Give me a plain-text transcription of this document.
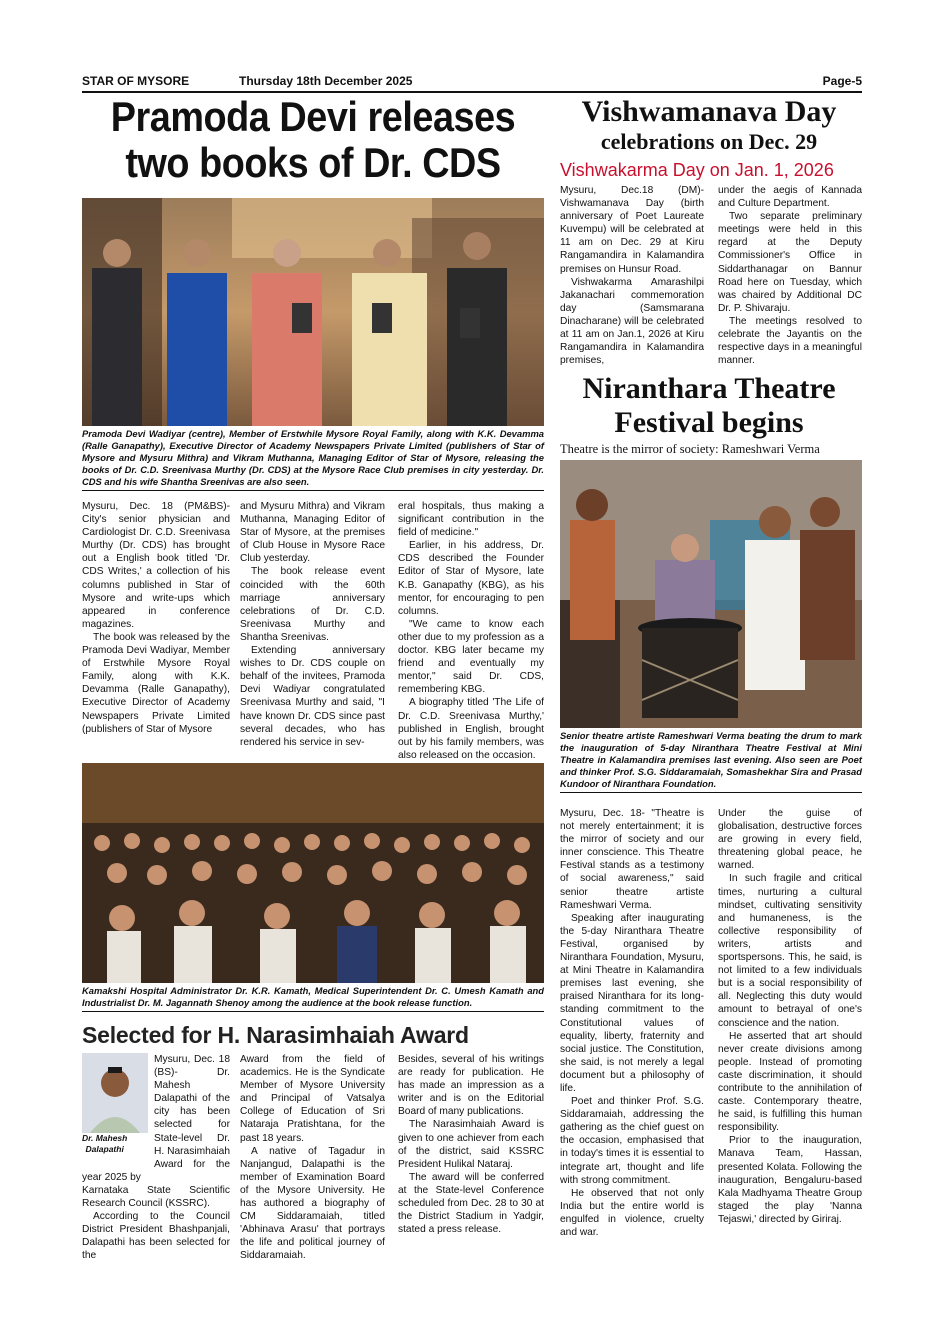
STAR OF MYSORE	Thursday 18th December 2025	Page-5
Pramoda Devi releases
two books of Dr. CDS
Pramoda Devi Wadiyar (centre), Member of Erstwhile Mysore Royal Family, along with K.K. Devamma (Ralle Ganapathy), Executive Director of Academy Newspapers Private Limited (publishers of Star of Mysore and Mysuru Mithra) and Vikram Muthanna, Managing Editor of Star of Mysore, releasing the books of Dr. C.D. Sreenivasa Murthy (Dr. CDS) at the Mysore Race Club premises in city yesterday. Dr. CDS and his wife Shantha Sreenivas are also seen.

Mysuru, Dec. 18 (PM&BS)- City's senior physician and Cardiologist Dr. C.D. Sreenivasa Murthy (Dr. CDS) has brought out a English book titled 'Dr. CDS Writes,' a collection of his columns published in Star of Mysore and write-ups which appeared in conference magazines.

The book was released by the Pramoda Devi Wadiyar, Member of Erstwhile Mysore Royal Family, along with K.K. Devamma (Ralle Ganapathy), Executive Director of Academy Newspapers Private Limited (publishers of Star of Mysore

and Mysuru Mithra) and Vikram Muthanna, Managing Editor of Star of Mysore, at the premises of Club House in Mysore Race Club yesterday.

The book release event coincided with the 60th marriage anniversary celebrations of Dr. C.D. Sreenivasa Murthy and Shantha Sreenivas.

Extending anniversary wishes to Dr. CDS couple on behalf of the invitees, Pramoda Devi Wadiyar congratulated Sreenivasa Murthy and said, "I have known Dr. CDS since past several decades, who has rendered his service in sev-

eral hospitals, thus making a significant contribution in the field of medicine."

Earlier, in his address, Dr. CDS described the Founder Editor of Star of Mysore, late K.B. Ganapathy (KBG), as his mentor, for encouraging to pen columns.

"We came to know each other due to my profession as a doctor. KBG later became my friend and eventually my mentor," said Dr. CDS, remembering KBG.

A biography titled 'The Life of Dr. C.D. Sreenivasa Murthy,' published in English, brought out by his family members, was also released on the occasion.

Kamakshi Hospital Administrator Dr. K.R. Kamath, Medical Superintendent Dr. C. Umesh Kamath and Industrialist Dr. M. Jagannath Shenoy among the audience at the book release function.
Selected for H. Narasimhaiah Award
Dr. Mahesh
Dalapathi

Mysuru, Dec. 18 (BS)- Dr. Mahesh Dalapathi of the city has been selected for State-level Dr. H. Narasimhaiah Award for the year 2025 by

Karnataka State Scientific Research Council (KSSRC).

According to the Council District President Bhashpanjali, Dalapathi has been selected for the

Award from the field of academics. He is the Syndicate Member of Mysore University and Principal of Vatsalya College of Education of Sri Nataraja Pratishtana, for the past 18 years.

A native of Tagadur in Nanjangud, Dalapathi is the member of Examination Board of the Mysore University. He has authored a biography of CM Siddaramaiah, titled 'Abhinava Arasu' that portrays the life and political journey of Siddaramaiah.

Besides, several of his writings are ready for publication. He has made an impression as a writer and is on the Editorial Board of many publications.

The Narasimhaiah Award is given to one achiever from each of the district, said KSSRC President Hulikal Nataraj.

The award will be conferred at the State-level Conference scheduled from Dec. 28 to 30 at the District Stadium in Yadgir, stated a press release.

Vishwamanava Day
celebrations on Dec. 29
Vishwakarma Day on Jan. 1, 2026

Mysuru, Dec.18 (DM)- Vishwamanava Day (birth anniversary of Poet Laureate Kuvempu) will be celebrated at 11 am on Dec. 29 at Kiru Rangamandira in Kalamandira premises on Hunsur Road.

Vishwakarma Amarashilpi Jakanachari commemoration day (Samsmarana Dinacharane) will be celebrated at 11 am on Jan.1, 2026 at Kiru Rangamandira in Kalamandira premises,

under the aegis of Kannada and Culture Department.

Two separate preliminary meetings were held in this regard at the Deputy Commissioner's Office in Siddarthanagar on Bannur Road here on Tuesday, which was chaired by Additional DC Dr. P. Shivaraju.

The meetings resolved to celebrate the Jayantis on the respective days in a meaningful manner.

Niranthara Theatre
Festival begins
Theatre is the mirror of society: Rameshwari Verma
Senior theatre artiste Rameshwari Verma beating the drum to mark the inauguration of 5-day Niranthara Theatre Festival at Mini Theatre in Kalamandira premises last evening. Also seen are Poet and thinker Prof. S.G. Siddaramaiah, Somashekhar Sira and Prasad Kundoor of Niranthara Foundation.

Mysuru, Dec. 18- "Theatre is not merely entertainment; it is the mirror of society and our inner conscience. This Theatre Festival stands as a testimony of social awareness," said senior theatre artiste Rameshwari Verma.

Speaking after inaugurating the 5-day Niranthara Theatre Festival, organised by Niranthara Foundation, Mysuru, at Mini Theatre in Kalamandira premises last evening, she praised Niranthara for its long-standing commitment to the Constitutional values of equality, liberty, fraternity and social justice. The Constitution, she said, is not merely a legal document but a philosophy of life.

Poet and thinker Prof. S.G. Siddaramaiah, addressing the gathering as the chief guest on the occasion, emphasised that in today's times it is essential to integrate art, thought and life with strong commitment.

He observed that not only India but the entire world is engulfed in violence, cruelty and war.

Under the guise of globalisation, destructive forces are growing in every field, threatening global peace, he warned.

In such fragile and critical times, nurturing a cultural mindset, cultivating sensitivity and humaneness, is the collective responsibility of writers, artists and sportspersons. This, he said, is not limited to a few individuals but is a social responsibility of all. Neglecting this duty would amount to betrayal of one's conscience and the nation.

He asserted that art should never create divisions among people. Instead of promoting caste discrimination, it should contribute to the annihilation of caste. Contemporary theatre, he said, is fulfilling this human responsibility.

Prior to the inauguration, Manava Team, Hassan, presented Kolata. Following the inauguration, Bengaluru-based Kala Madhyama Theatre Group staged the play 'Nanna Tejaswi,' directed by Giriraj.
